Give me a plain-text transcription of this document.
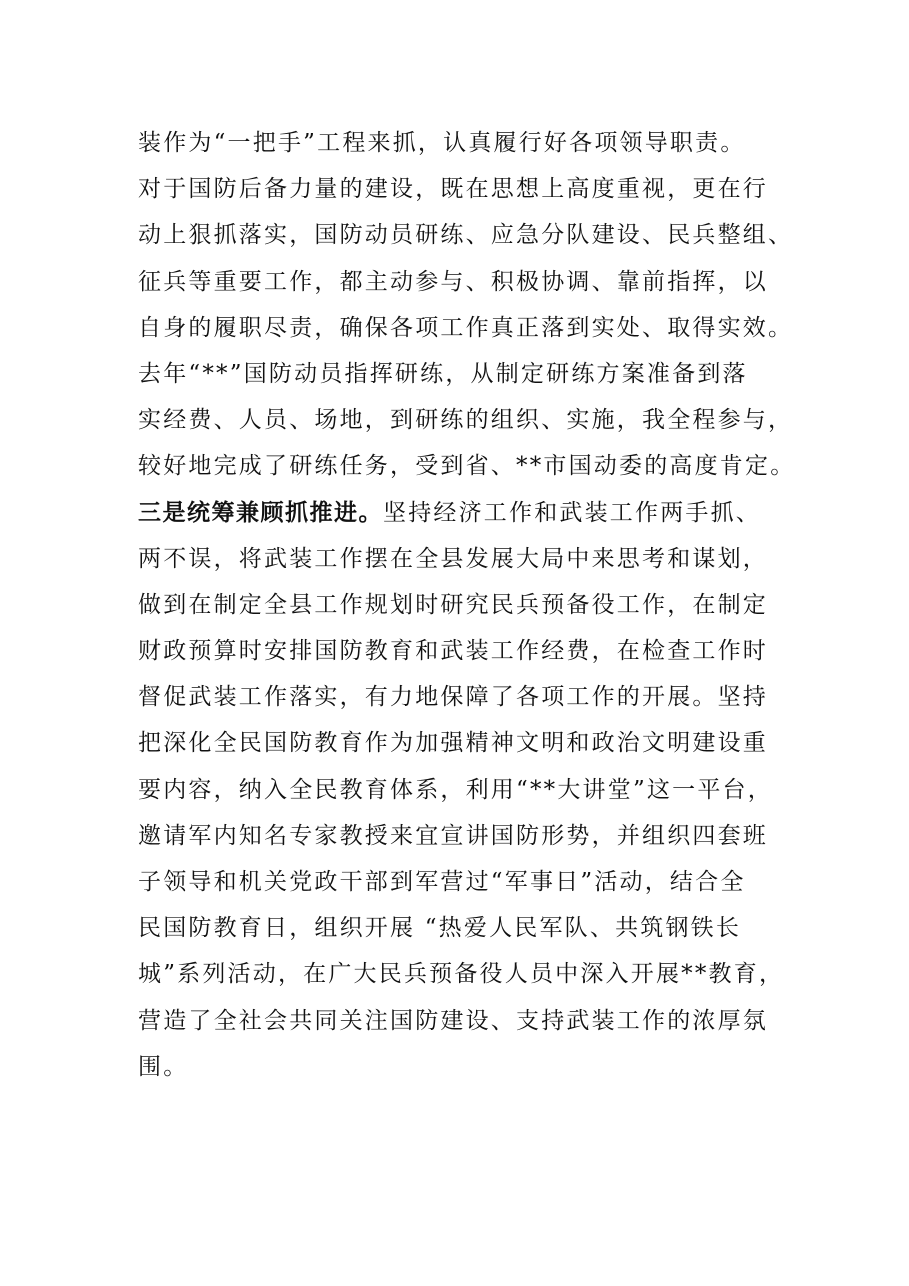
装作为“一把手”工程来抓，认真履行好各项领导职责。
对于国防后备力量的建设，既在思想上高度重视，更在行
动上狠抓落实，国防动员研练、应急分队建设、民兵整组、
征兵等重要工作，都主动参与、积极协调、靠前指挥，以
自身的履职尽责，确保各项工作真正落到实处、取得实效。
去年“**”国防动员指挥研练，从制定研练方案准备到落
实经费、人员、场地，到研练的组织、实施，我全程参与，
较好地完成了研练任务，受到省、**市国动委的高度肯定。
三是统筹兼顾抓推进。坚持经济工作和武装工作两手抓、
两不误，将武装工作摆在全县发展大局中来思考和谋划，
做到在制定全县工作规划时研究民兵预备役工作，在制定
财政预算时安排国防教育和武装工作经费，在检查工作时
督促武装工作落实，有力地保障了各项工作的开展。坚持
把深化全民国防教育作为加强精神文明和政治文明建设重
要内容，纳入全民教育体系，利用“**大讲堂”这一平台，
邀请军内知名专家教授来宜宣讲国防形势，并组织四套班
子领导和机关党政干部到军营过“军事日”活动，结合全
民国防教育日，组织开展 “热爱人民军队、共筑钢铁长
城”系列活动，在广大民兵预备役人员中深入开展**教育，
营造了全社会共同关注国防建设、支持武装工作的浓厚氛
围。
